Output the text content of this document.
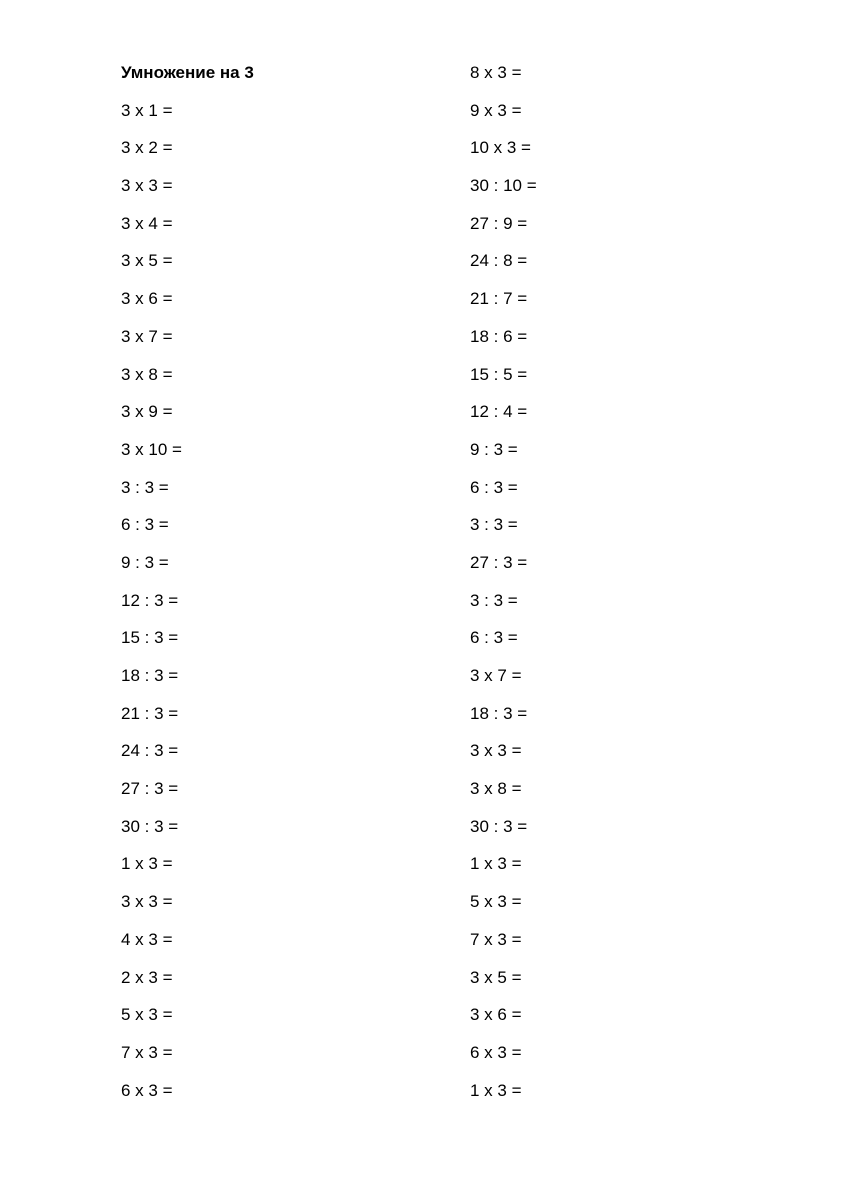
Умножение на 3
3 x 1 =
3 x 2 =
3 x 3 =
3 x 4 =
3 x 5 =
3 x 6 =
3 x 7 =
3 x 8 =
3 x 9 =
3 x 10 =
3 : 3 =
6 : 3 =
9 : 3 =
12 : 3 =
15 : 3 =
18 : 3 =
21 : 3 =
24 : 3 =
27 : 3 =
30 : 3 =
1 x 3 =
3 x 3 =
4 x 3 =
2 x 3 =
5 x 3 =
7 x 3 =
6 x 3 =
8 x 3 =
9 x 3 =
10 x 3 =
30 : 10 =
27 : 9 =
24 : 8 =
21 : 7 =
18 : 6 =
15 : 5 =
12 : 4 =
9 : 3 =
6 : 3 =
3 : 3 =
27 : 3 =
3 : 3 =
6 : 3 =
3 x 7 =
18 : 3 =
3 x 3 =
3 x 8 =
30 : 3 =
1 x 3 =
5 x 3 =
7 x 3 =
3 x 5 =
3 x 6 =
6 x 3 =
1 x 3 =
